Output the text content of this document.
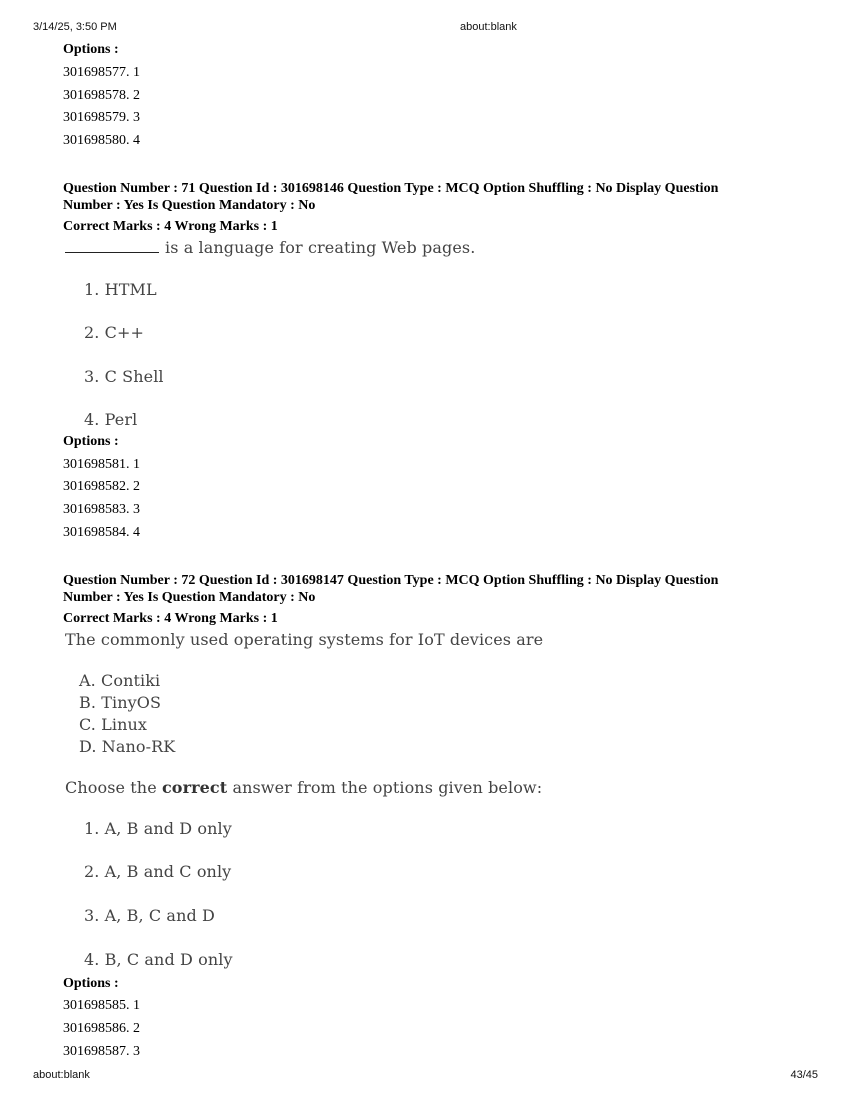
3/14/25, 3:50 PM	about:blank
Options :
301698577. 1
301698578. 2
301698579. 3
301698580. 4
Question Number : 71 Question Id : 301698146 Question Type : MCQ Option Shuffling : No Display Question
Number : Yes Is Question Mandatory : No
Correct Marks : 4 Wrong Marks : 1
is a language for creating Web pages.
1. HTML
2. C++
3. C Shell
4. Perl
Options :
301698581. 1
301698582. 2
301698583. 3
301698584. 4
Question Number : 72 Question Id : 301698147 Question Type : MCQ Option Shuffling : No Display Question
Number : Yes Is Question Mandatory : No
Correct Marks : 4 Wrong Marks : 1
The commonly used operating systems for IoT devices are
A. Contiki
B. TinyOS
C. Linux
D. Nano-RK
Choose the correct answer from the options given below:
1. A, B and D only
2. A, B and C only
3. A, B, C and D
4. B, C and D only
Options :
301698585. 1
301698586. 2
301698587. 3
about:blank	43/45
